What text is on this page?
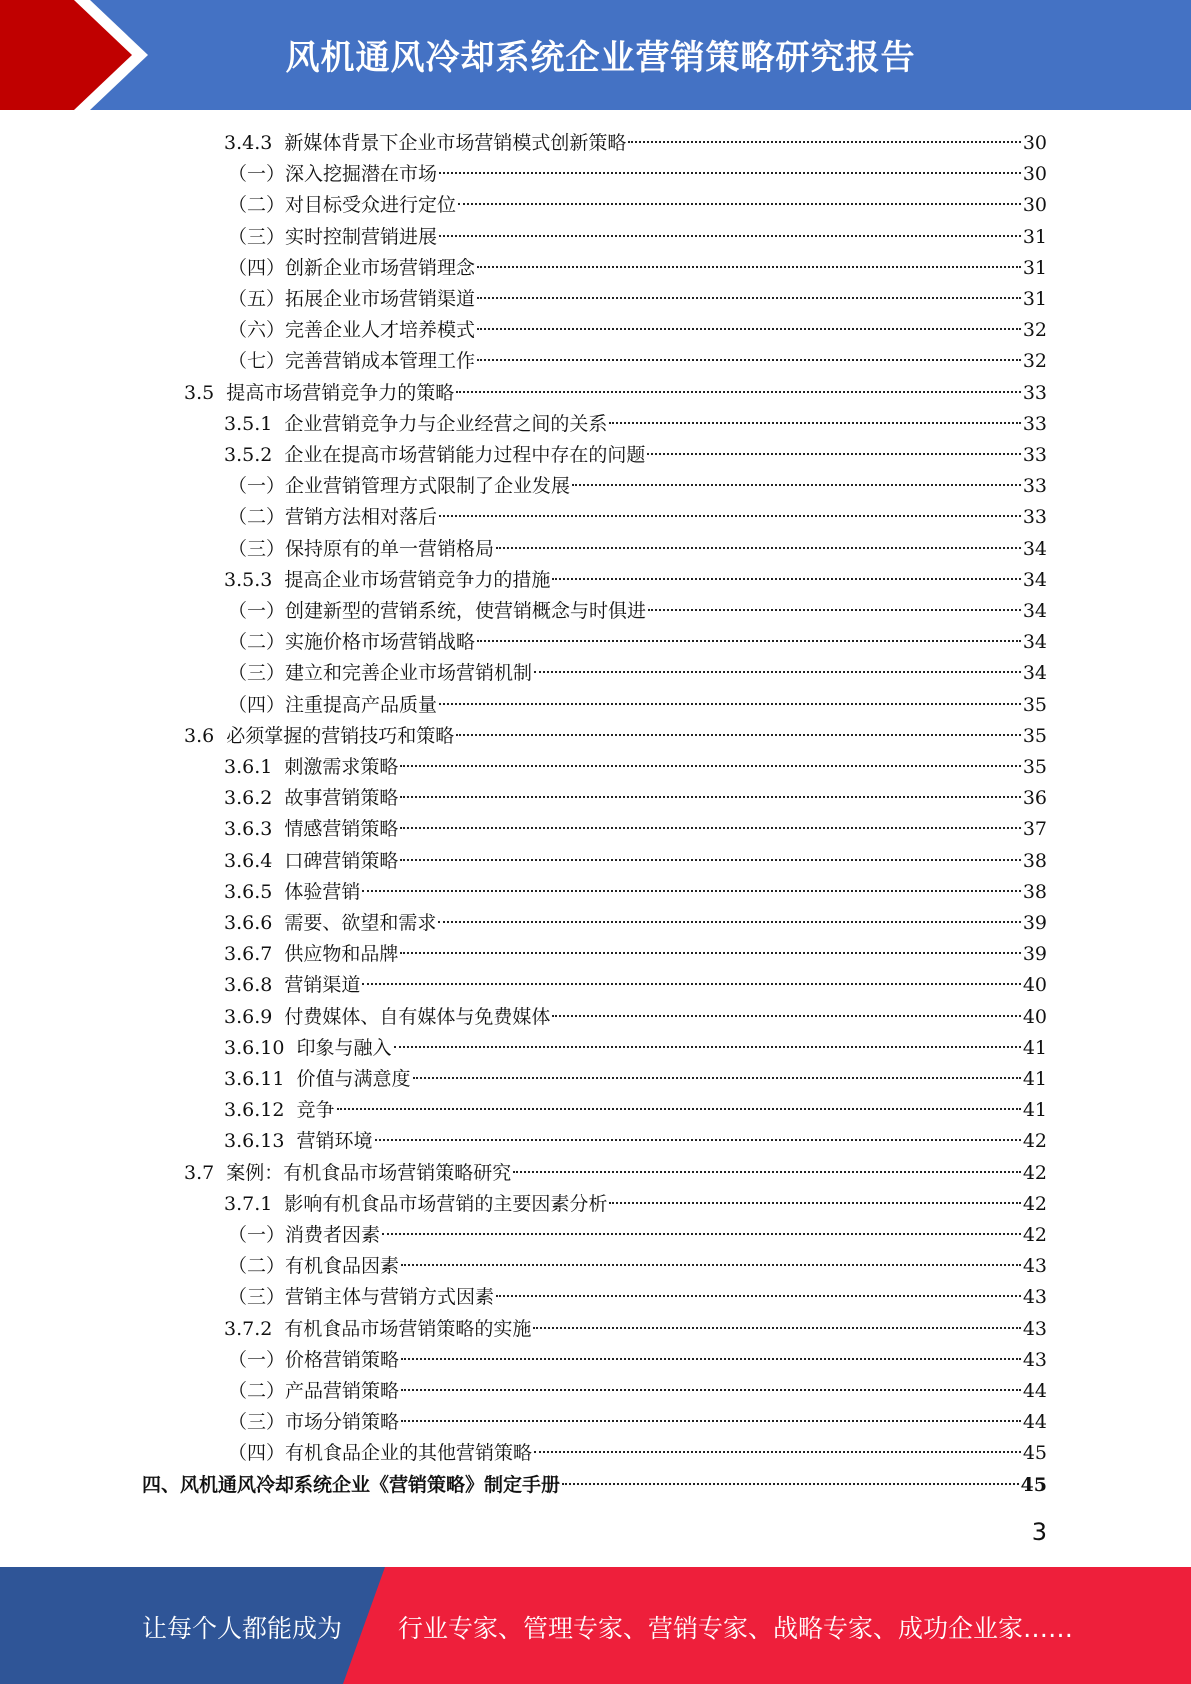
风机通风冷却系统企业营销策略研究报告
3.4.3  新媒体背景下企业市场营销模式创新策略	30
（一）深入挖掘潜在市场	30
（二）对目标受众进行定位	30
（三）实时控制营销进展	31
（四）创新企业市场营销理念	31
（五）拓展企业市场营销渠道	31
（六）完善企业人才培养模式	32
（七）完善营销成本管理工作	32
3.5  提高市场营销竞争力的策略	33
3.5.1  企业营销竞争力与企业经营之间的关系	33
3.5.2  企业在提高市场营销能力过程中存在的问题	33
（一）企业营销管理方式限制了企业发展	33
（二）营销方法相对落后	33
（三）保持原有的单一营销格局	34
3.5.3  提高企业市场营销竞争力的措施	34
（一）创建新型的营销系统，使营销概念与时俱进	34
（二）实施价格市场营销战略	34
（三）建立和完善企业市场营销机制	34
（四）注重提高产品质量	35
3.6  必须掌握的营销技巧和策略	35
3.6.1  刺激需求策略	35
3.6.2  故事营销策略	36
3.6.3  情感营销策略	37
3.6.4  口碑营销策略	38
3.6.5  体验营销	38
3.6.6  需要、欲望和需求	39
3.6.7  供应物和品牌	39
3.6.8  营销渠道	40
3.6.9  付费媒体、自有媒体与免费媒体	40
3.6.10  印象与融入	41
3.6.11  价值与满意度	41
3.6.12  竞争	41
3.6.13  营销环境	42
3.7  案例：有机食品市场营销策略研究	42
3.7.1  影响有机食品市场营销的主要因素分析	42
（一）消费者因素	42
（二）有机食品因素	43
（三）营销主体与营销方式因素	43
3.7.2  有机食品市场营销策略的实施	43
（一）价格营销策略	43
（二）产品营销策略	44
（三）市场分销策略	44
（四）有机食品企业的其他营销策略	45
四、风机通风冷却系统企业《营销策略》制定手册	45
3
让每个人都能成为 行业专家、管理专家、营销专家、战略专家、成功企业家……
